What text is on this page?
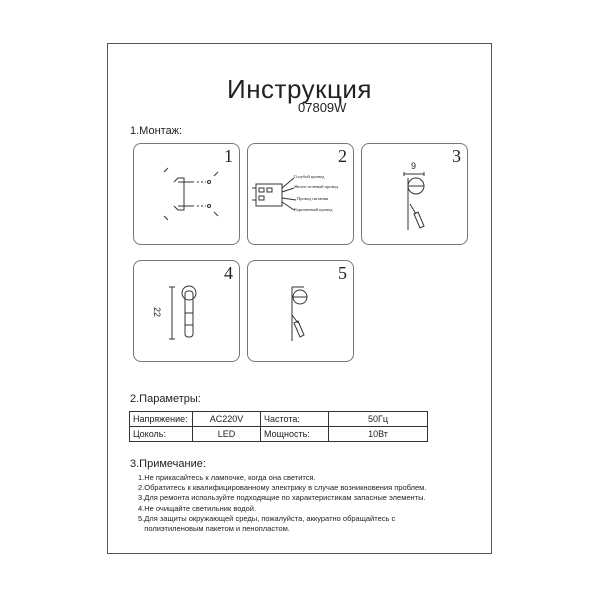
Инструкция
07809W
1.Монтаж:
1	2
Голубой провод
Желто-зеленый провод
Провод питания
Коричневый провод
3
9
4
22
5
2.Параметры:
Напряжение:	AC220V	Частота:	50Гц
Цоколь:	LED	Мощность:	10Вт
3.Примечание:
1.Не прикасайтесь к лампочке, когда она светится.
2.Обратитесь к квалифицированному электрику в случае возникновения проблем.
3.Для ремонта используйте подходящие по характеристикам запасные элементы.
4.Не очищайте светильник водой.
5.Для защиты окружающей среды, пожалуйста, аккуратно обращайтесь с
полиэтиленовым пакетом и пенопластом.
